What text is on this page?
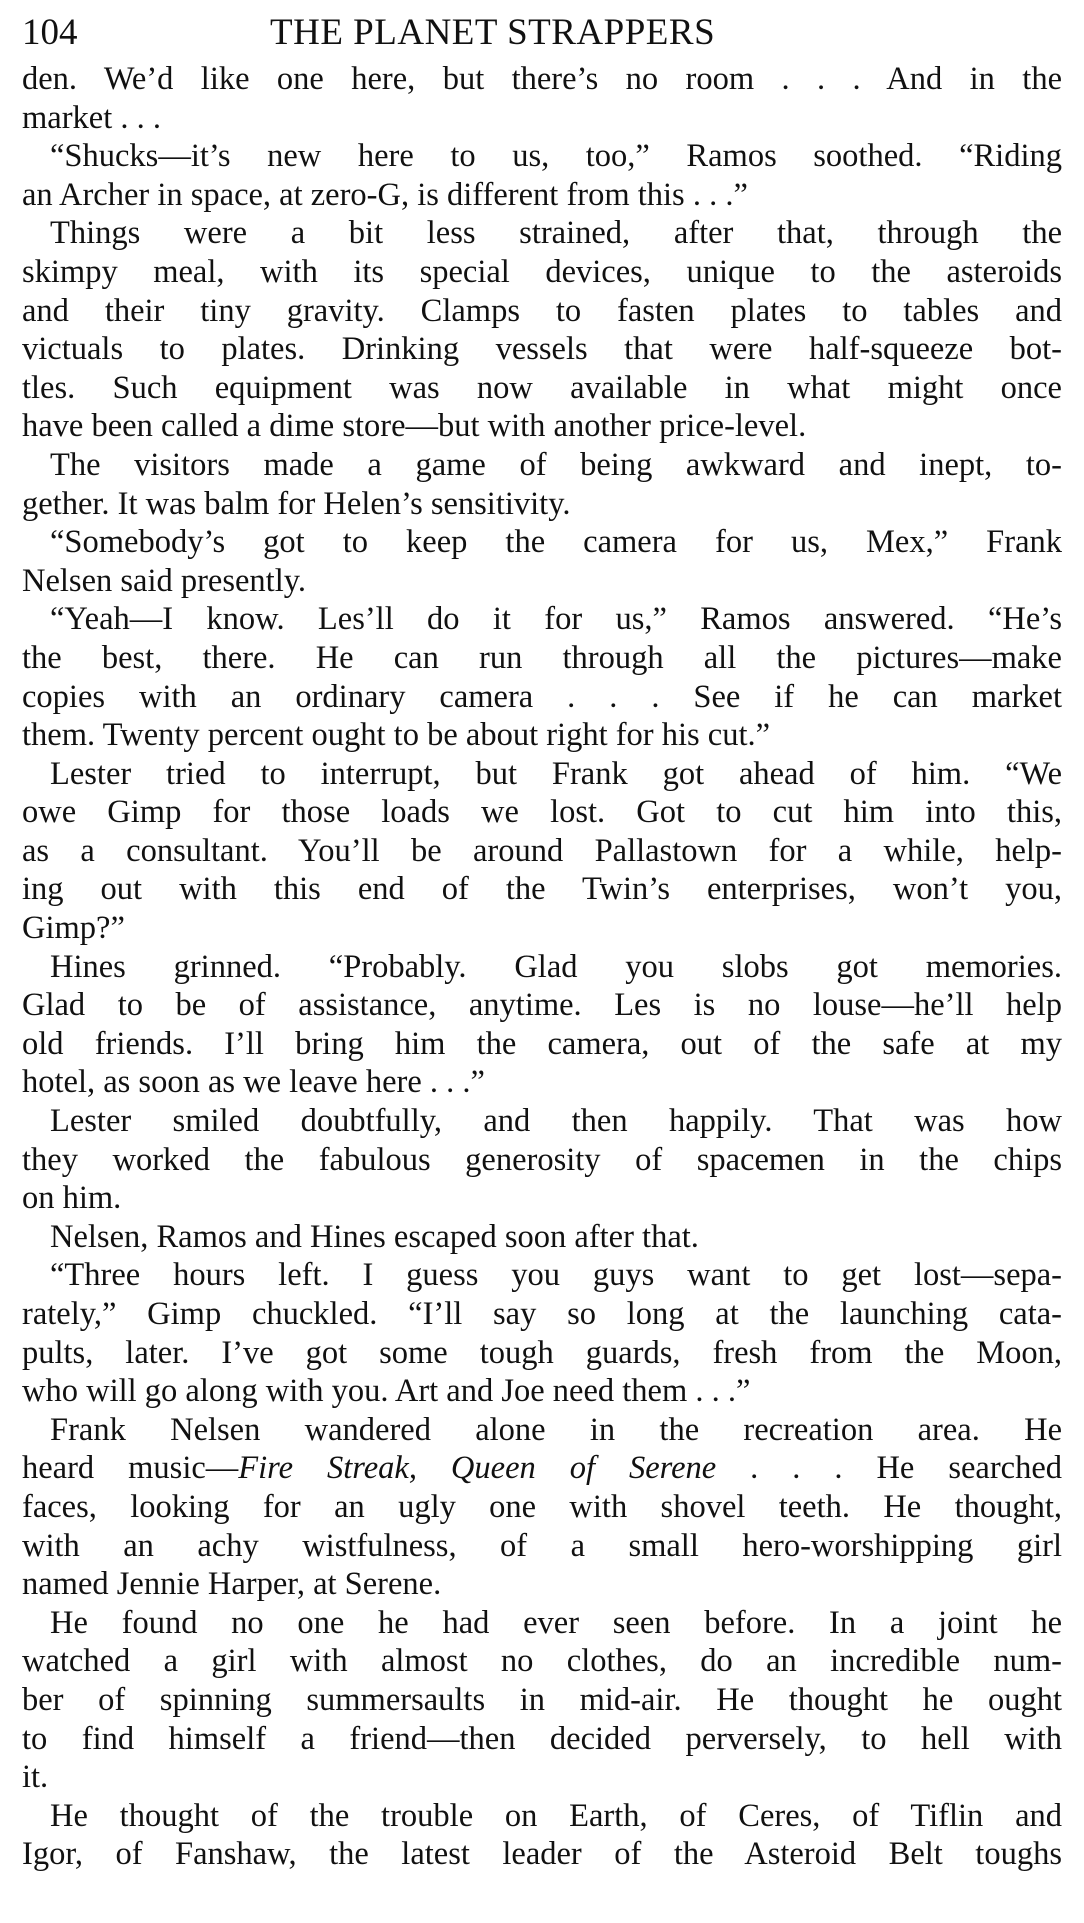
104	THE PLANET STRAPPERS
den. We’d like one here, but there’s no room . . . And in the
market . . .
“Shucks—it’s new here to us, too,” Ramos soothed. “Riding
an Archer in space, at zero-G, is different from this . . .”
Things were a bit less strained, after that, through the
skimpy meal, with its special devices, unique to the asteroids
and their tiny gravity. Clamps to fasten plates to tables and
victuals to plates. Drinking vessels that were half-squeeze bot-
tles. Such equipment was now available in what might once
have been called a dime store—but with another price-level.
The visitors made a game of being awkward and inept, to-
gether. It was balm for Helen’s sensitivity.
“Somebody’s got to keep the camera for us, Mex,” Frank
Nelsen said presently.
“Yeah—I know. Les’ll do it for us,” Ramos answered. “He’s
the best, there. He can run through all the pictures—make
copies with an ordinary camera . . . See if he can market
them. Twenty percent ought to be about right for his cut.”
Lester tried to interrupt, but Frank got ahead of him. “We
owe Gimp for those loads we lost. Got to cut him into this,
as a consultant. You’ll be around Pallastown for a while, help-
ing out with this end of the Twin’s enterprises, won’t you,
Gimp?”
Hines grinned. “Probably. Glad you slobs got memories.
Glad to be of assistance, anytime. Les is no louse—he’ll help
old friends. I’ll bring him the camera, out of the safe at my
hotel, as soon as we leave here . . .”
Lester smiled doubtfully, and then happily. That was how
they worked the fabulous generosity of spacemen in the chips
on him.
Nelsen, Ramos and Hines escaped soon after that.
“Three hours left. I guess you guys want to get lost—sepa-
rately,” Gimp chuckled. “I’ll say so long at the launching cata-
pults, later. I’ve got some tough guards, fresh from the Moon,
who will go along with you. Art and Joe need them . . .”
Frank Nelsen wandered alone in the recreation area. He
heard music—Fire Streak, Queen of Serene . . . He searched
faces, looking for an ugly one with shovel teeth. He thought,
with an achy wistfulness, of a small hero-worshipping girl
named Jennie Harper, at Serene.
He found no one he had ever seen before. In a joint he
watched a girl with almost no clothes, do an incredible num-
ber of spinning summersaults in mid-air. He thought he ought
to find himself a friend—then decided perversely, to hell with
it.
He thought of the trouble on Earth, of Ceres, of Tiflin and
Igor, of Fanshaw, the latest leader of the Asteroid Belt toughs
